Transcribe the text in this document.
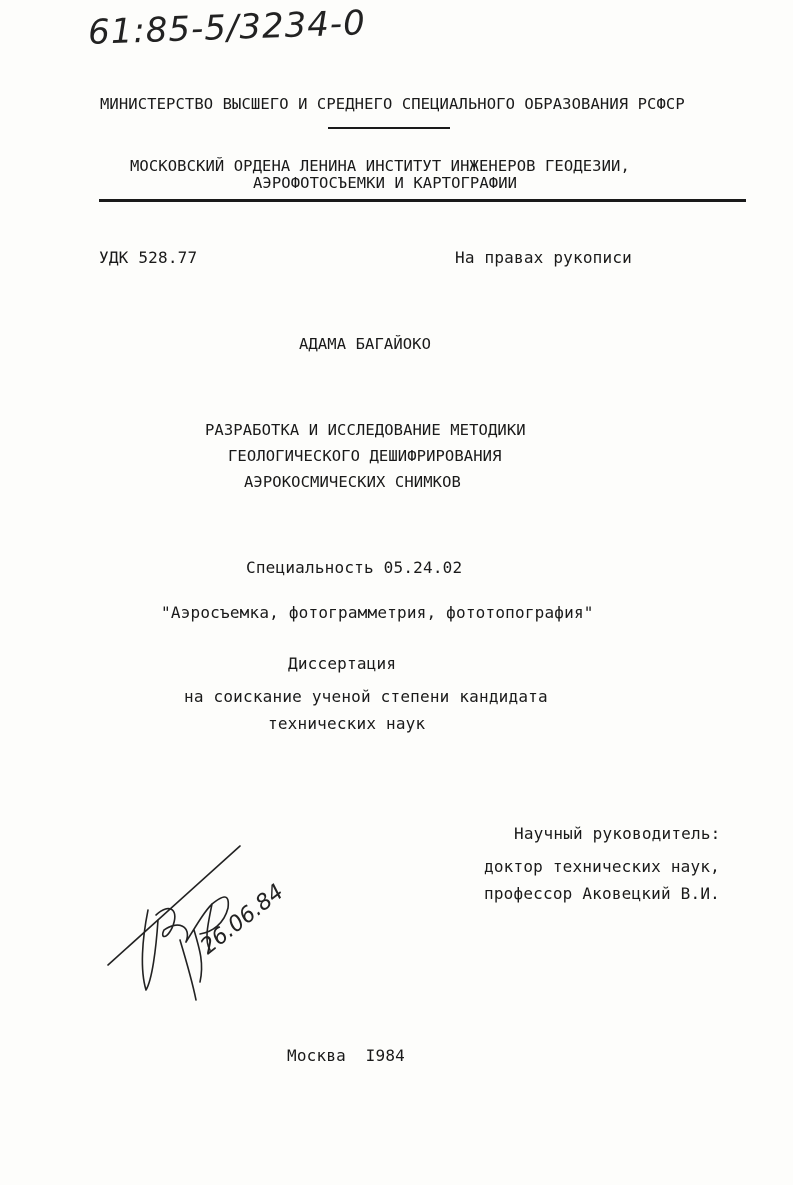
61:85-5/3234-0
МИНИСТЕРСТВО ВЫСШЕГО И СРЕДНЕГО СПЕЦИАЛЬНОГО ОБРАЗОВАНИЯ РСФСР
МОСКОВСКИЙ ОРДЕНА ЛЕНИНА ИНСТИТУТ ИНЖЕНЕРОВ ГЕОДЕЗИИ,
АЭРОФОТОСЪЕМКИ И КАРТОГРАФИИ
УДК 528.77	На правах рукописи
АДАМА БАГАЙОКО
РАЗРАБОТКА И ИССЛЕДОВАНИЕ МЕТОДИКИ
ГЕОЛОГИЧЕСКОГО ДЕШИФРИРОВАНИЯ
АЭРОКОСМИЧЕСКИХ СНИМКОВ
Специальность 05.24.02
"Аэросъемка, фотограмметрия, фототопография"
Диссертация
на соискание ученой степени кандидата
технических наук
Научный руководитель:
доктор технических наук,
профессор Аковецкий В.И.
26.06.84
Москва  I984
